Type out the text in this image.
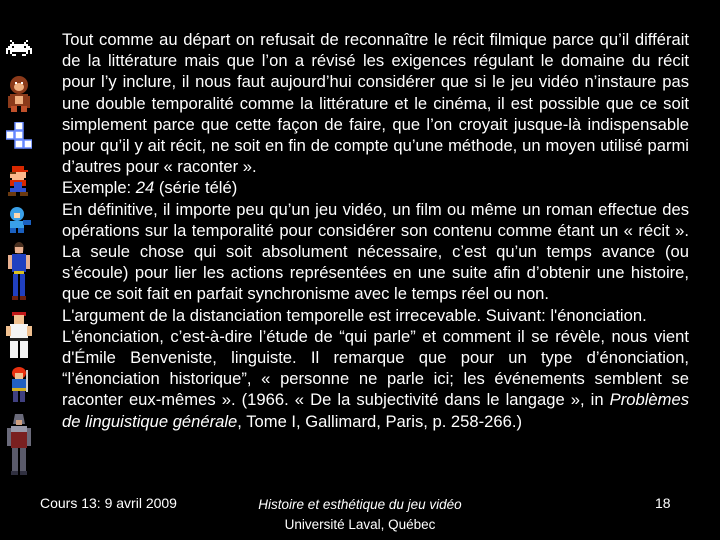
Tout comme au départ on refusait de reconnaître le récit filmique parce qu’il différait de la littérature mais que l’on a révisé les exigences régulant le domaine du récit pour l’y inclure, il nous faut aujourd’hui considérer que si le jeu vidéo n’instaure pas une double temporalité comme la littérature et le cinéma, il est possible que ce soit simplement parce que cette façon de faire, que l’on croyait jusque-là indispensable pour qu’il y ait récit, ne soit en fin de compte qu’une méthode, un moyen utilisé parmi d’autres pour « raconter ».

Exemple: 24 (série télé)

En définitive, il importe peu qu’un jeu vidéo, un film ou même un roman effectue des opérations sur la temporalité pour considérer son contenu comme étant un « récit ». La seule chose qui soit absolument nécessaire, c’est qu’un temps avance (ou s’écoule) pour lier les actions représentées en une suite afin d’obtenir une histoire, que ce soit fait en parfait synchronisme avec le temps réel ou non.

L'argument de la distanciation temporelle est irrecevable. Suivant: l'énonciation.

L'énonciation, c’est-à-dire l’étude de “qui parle” et comment il se révèle, nous vient d'Émile Benveniste, linguiste. Il remarque que pour un type d’énonciation, “l’énonciation historique”, « personne ne parle ici; les événements semblent se raconter eux-mêmes ». (1966. « De la subjectivité dans le langage », in Problèmes de linguistique générale, Tome I, Gallimard, Paris, p. 258-266.)

Cours 13: 9 avril 2009	Histoire et esthétique du jeu vidéo
Université Laval, Québec
18
